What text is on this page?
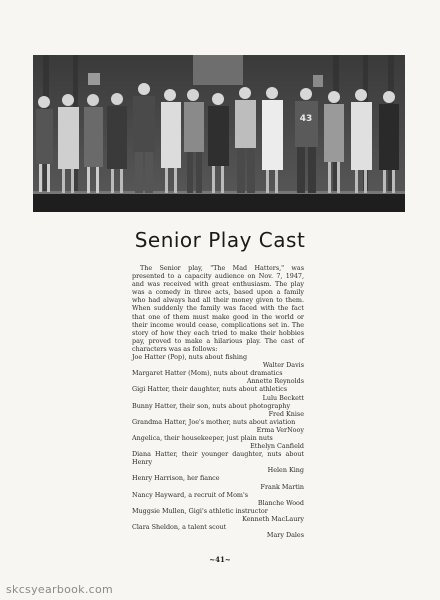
43
Senior Play Cast

The Senior play, "The Mad Hatters," was presented to a capacity audience on Nov. 7, 1947, and was received with great enthusiasm. The play was a comedy in three acts, based upon a family who had always had all their money given to them. When suddenly the family was faced with the fact that one of them must make good in the world or their income would cease, complications set in. The story of how they each tried to make their hobbies pay, proved to make a hilarious play. The cast of characters was as follows:

Joe Hatter (Pop), nuts about fishing
Walter Davis
Margaret Hatter (Mom), nuts about dramatics
Annette Reynolds
Gigi Hatter, their daughter, nuts about athletics
Lulu Beckett
Bunny Hatter, their son, nuts about photography
Fred Knise
Grandma Hatter, Joe's mother, nuts about aviation
Erma VerNooy
Angelica, their housekeeper, just plain nuts
Ethelyn Canfield
Diana Hatter, their younger daughter, nuts about Henry
Helen King
Henry Harrison, her fiance
Frank Martin
Nancy Hayward, a recruit of Mom's
Blanche Wood
Muggsie Mullen, Gigi's athletic instructor
Kenneth MacLaury
Clara Sheldon, a talent scout
Mary Dales
~41~
skcsyearbook.com
